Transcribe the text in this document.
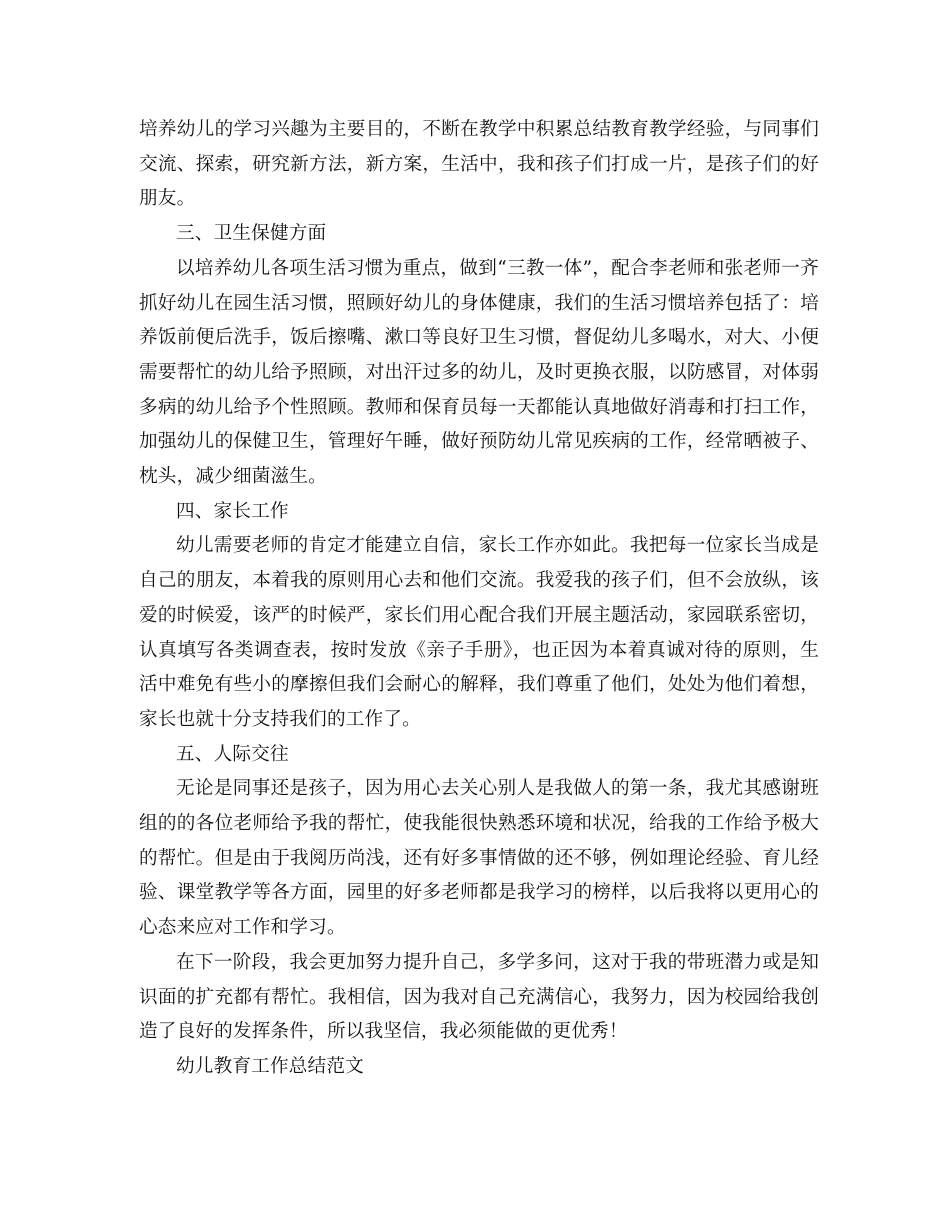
培养幼儿的学习兴趣为主要目的，不断在教学中积累总结教育教学经验，与同事们交流、探索，研究新方法，新方案，生活中，我和孩子们打成一片，是孩子们的好朋友。

三、卫生保健方面

以培养幼儿各项生活习惯为重点，做到“三教一体”，配合李老师和张老师一齐抓好幼儿在园生活习惯，照顾好幼儿的身体健康，我们的生活习惯培养包括了：培养饭前便后洗手，饭后擦嘴、漱口等良好卫生习惯，督促幼儿多喝水，对大、小便需要帮忙的幼儿给予照顾，对出汗过多的幼儿，及时更换衣服，以防感冒，对体弱多病的幼儿给予个性照顾。教师和保育员每一天都能认真地做好消毒和打扫工作，加强幼儿的保健卫生，管理好午睡，做好预防幼儿常见疾病的工作，经常晒被子、枕头，减少细菌滋生。

四、家长工作

幼儿需要老师的肯定才能建立自信，家长工作亦如此。我把每一位家长当成是自己的朋友，本着我的原则用心去和他们交流。我爱我的孩子们，但不会放纵，该爱的时候爱，该严的时候严，家长们用心配合我们开展主题活动，家园联系密切，认真填写各类调查表，按时发放《亲子手册》，也正因为本着真诚对待的原则，生活中难免有些小的摩擦但我们会耐心的解释，我们尊重了他们，处处为他们着想，家长也就十分支持我们的工作了。

五、人际交往

无论是同事还是孩子，因为用心去关心别人是我做人的第一条，我尤其感谢班组的的各位老师给予我的帮忙，使我能很快熟悉环境和状况，给我的工作给予极大的帮忙。但是由于我阅历尚浅，还有好多事情做的还不够，例如理论经验、育儿经验、课堂教学等各方面，园里的好多老师都是我学习的榜样，以后我将以更用心的心态来应对工作和学习。

在下一阶段，我会更加努力提升自己，多学多问，这对于我的带班潜力或是知识面的扩充都有帮忙。我相信，因为我对自己充满信心，我努力，因为校园给我创造了良好的发挥条件，所以我坚信，我必须能做的更优秀！

幼儿教育工作总结范文
